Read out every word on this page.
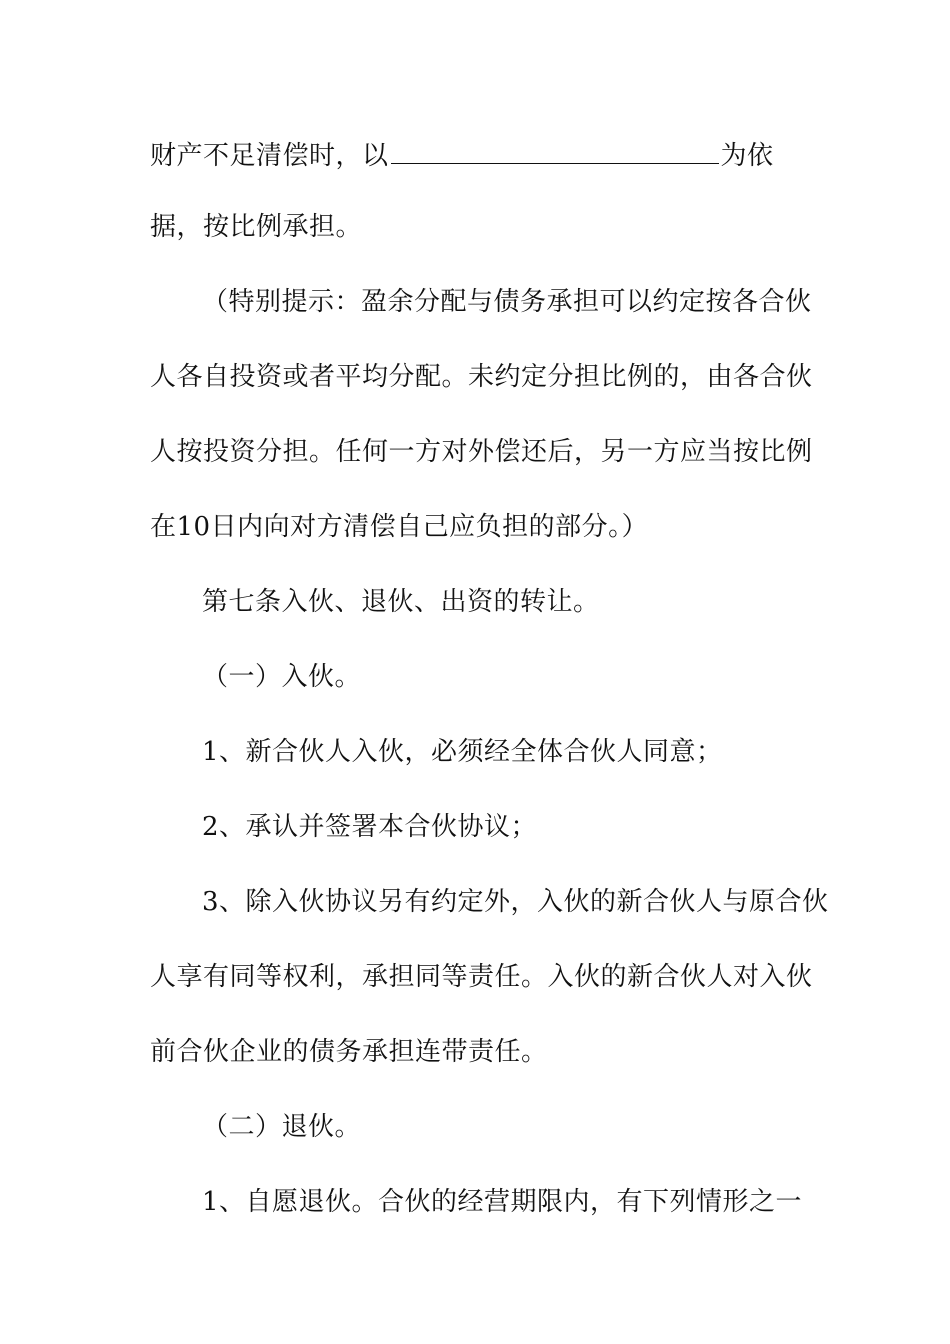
财产不足清偿时，以	为依
据，按比例承担。
（特别提示：盈余分配与债务承担可以约定按各合伙
人各自投资或者平均分配。未约定分担比例的，由各合伙
人按投资分担。任何一方对外偿还后，另一方应当按比例
在10日内向对方清偿自己应负担的部分。）
第七条入伙、退伙、出资的转让。
（一）入伙。
1、新合伙人入伙，必须经全体合伙人同意；
2、承认并签署本合伙协议；
3、除入伙协议另有约定外，入伙的新合伙人与原合伙
人享有同等权利，承担同等责任。入伙的新合伙人对入伙
前合伙企业的债务承担连带责任。
（二）退伙。
1、自愿退伙。合伙的经营期限内，有下列情形之一
